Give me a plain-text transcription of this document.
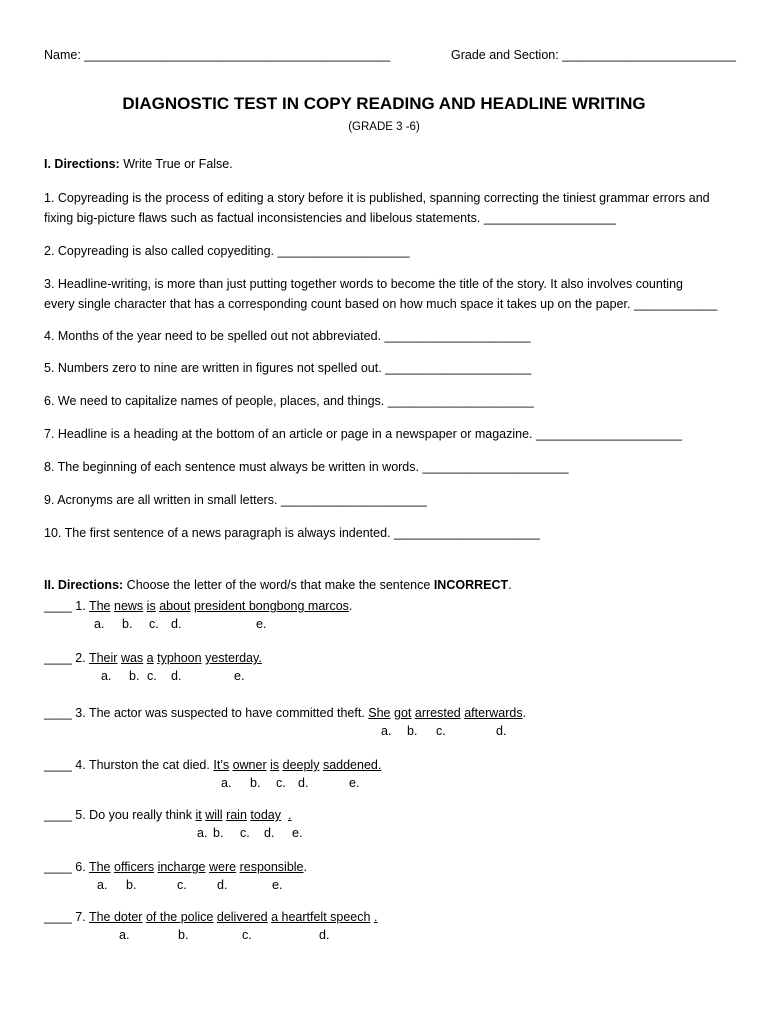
Name: ____________________________________________	Grade and Section: _________________________
DIAGNOSTIC TEST IN COPY READING AND HEADLINE WRITING
(GRADE 3 -6)
I. Directions: Write True or False.
1. Copyreading is the process of editing a story before it is published, spanning correcting the tiniest grammar errors and
fixing big-picture flaws such as factual inconsistencies and libelous statements. ___________________
2. Copyreading is also called copyediting. ___________________
3. Headline-writing, is more than just putting together words to become the title of the story. It also involves counting
every single character that has a corresponding count based on how much space it takes up on the paper. ____________
4. Months of the year need to be spelled out not abbreviated. _____________________
5. Numbers zero to nine are written in figures not spelled out. _____________________
6. We need to capitalize names of people, places, and things. _____________________
7. Headline is a heading at the bottom of an article or page in a newspaper or magazine. _____________________
8. The beginning of each sentence must always be written in words. _____________________
9. Acronyms are all written in small letters. _____________________
10. The first sentence of a news paragraph is always indented. _____________________
II. Directions: Choose the letter of the word/s that make the sentence INCORRECT.
____ 1. The news is about president bongbong marcos.
a. b. c. d.	e.
____ 2. Their was a typhoon yesterday.
a. b. c. d.	e.
____ 3. The actor was suspected to have committed theft. She got arrested afterwards.
a. b. c.	d.
____ 4. Thurston the cat died. It’s owner is deeply saddened.
a. b. c. d.	e.
____ 5. Do you really think it will rain today .
a. b. c. d. e.
____ 6. The officers incharge were responsible.
a. b.	c. d.	e.
____ 7. The doter of the police delivered a heartfelt speech .
a.	b.	c.	d.
